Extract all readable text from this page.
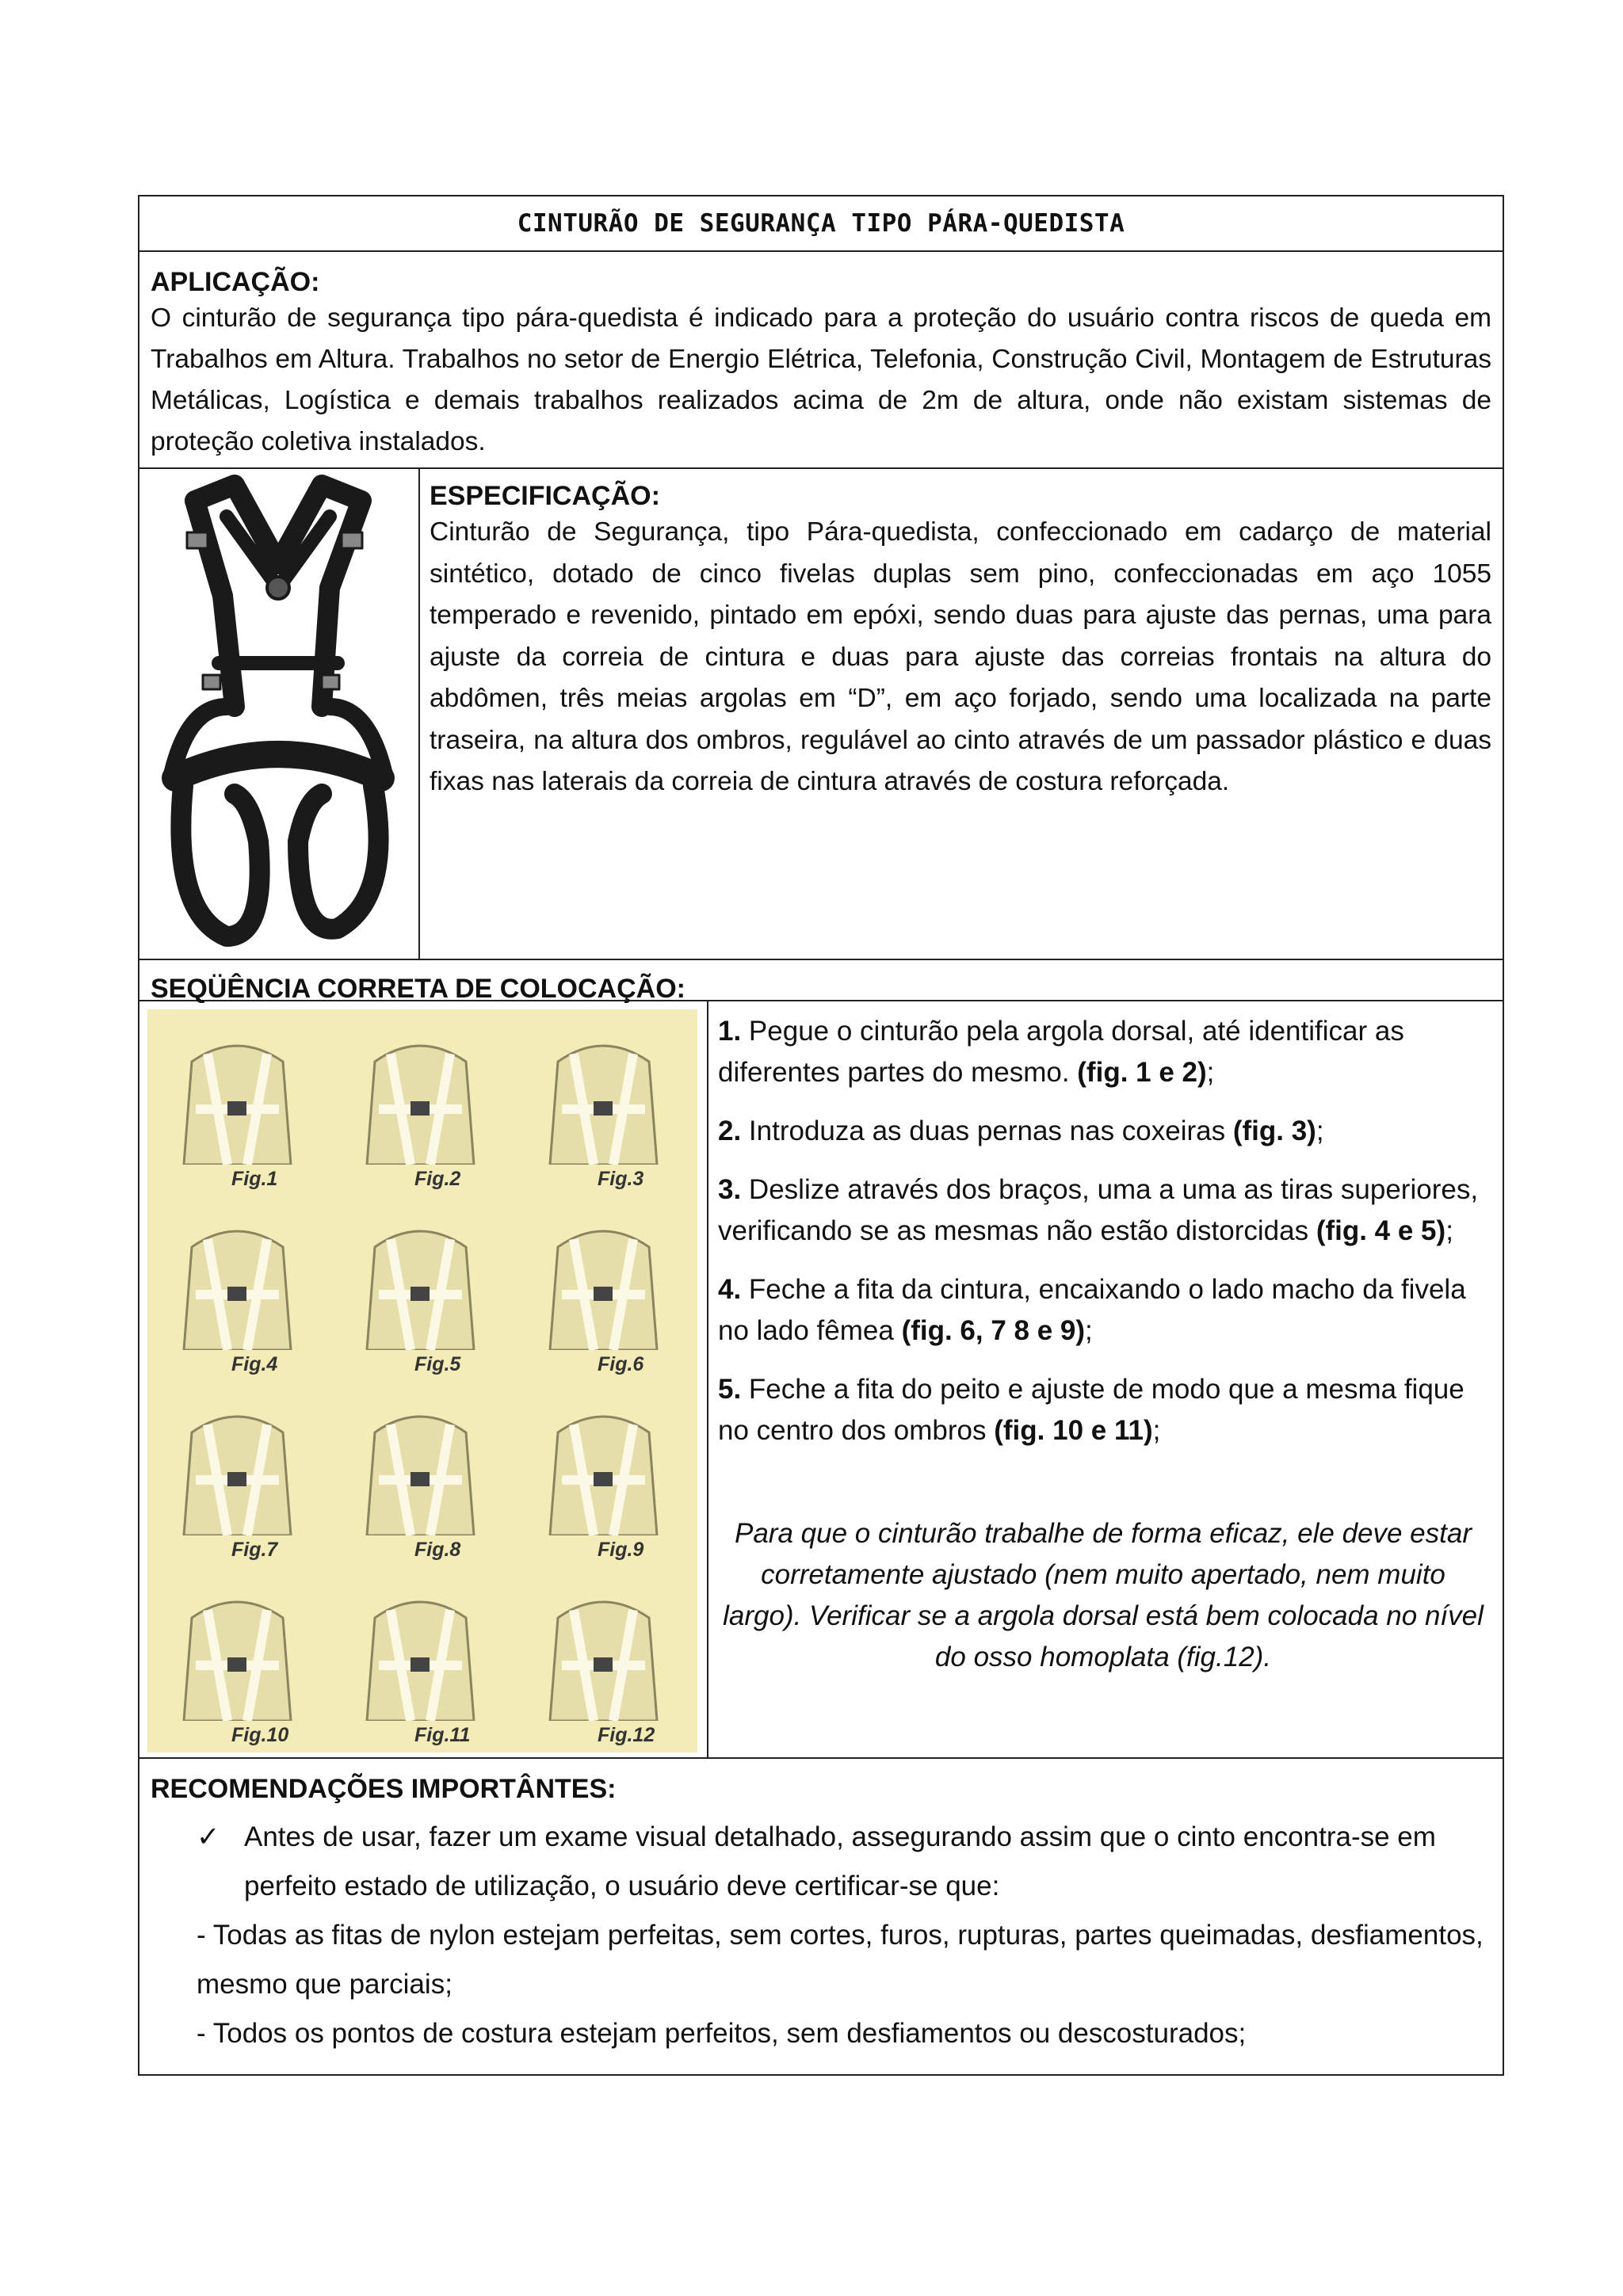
CINTURÃO DE SEGURANÇA TIPO PÁRA-QUEDISTA
APLICAÇÃO:
O cinturão de segurança tipo pára-quedista é indicado para a proteção do usuário contra riscos de queda em Trabalhos em Altura. Trabalhos no setor de Energio Elétrica, Telefonia, Construção Civil, Montagem de Estruturas Metálicas, Logística e demais trabalhos realizados acima de 2m de altura, onde não existam sistemas de proteção coletiva instalados.
ESPECIFICAÇÃO:
Cinturão de Segurança, tipo Pára-quedista, confeccionado em cadarço de material sintético, dotado de cinco fivelas duplas sem pino, confeccionadas em aço 1055 temperado e revenido, pintado em epóxi, sendo duas para ajuste das pernas, uma para ajuste da correia de cintura e duas para ajuste das correias frontais na altura do abdômen, três meias argolas em “D”, em aço forjado, sendo uma localizada na parte traseira, na altura dos ombros, regulável ao cinto através de um passador plástico e duas fixas nas laterais da correia de cintura através de costura reforçada.
SEQÜÊNCIA CORRETA DE COLOCAÇÃO:
Fig.1	Fig.2	Fig.3
Fig.4	Fig.5	Fig.6
Fig.7	Fig.8	Fig.9
Fig.10	Fig.11	Fig.12

1. Pegue o cinturão pela argola dorsal, até identificar as diferentes partes do mesmo. (fig. 1 e 2);

2. Introduza as duas pernas nas coxeiras (fig. 3);

3. Deslize através dos braços, uma a uma as tiras superiores, verificando se as mesmas não estão distorcidas (fig. 4 e 5);

4. Feche a fita da cintura, encaixando o lado macho da fivela no lado fêmea (fig. 6, 7 8 e 9);

5. Feche a fita do peito e ajuste de modo que a mesma fique no centro dos ombros (fig. 10 e 11);

Para que o cinturão trabalhe de forma eficaz, ele deve estar corretamente ajustado (nem muito apertado, nem muito largo). Verificar se a argola dorsal está bem colocada no nível do osso homoplata (fig.12).

RECOMENDAÇÕES IMPORTÂNTES:
✓ Antes de usar, fazer um exame visual detalhado, assegurando assim que o cinto encontra-se em perfeito estado de utilização, o usuário deve certificar-se que:
- Todas as fitas de nylon estejam perfeitas, sem cortes, furos, rupturas, partes queimadas, desfiamentos, mesmo que parciais;
- Todos os pontos de costura estejam perfeitos, sem desfiamentos ou descosturados;
